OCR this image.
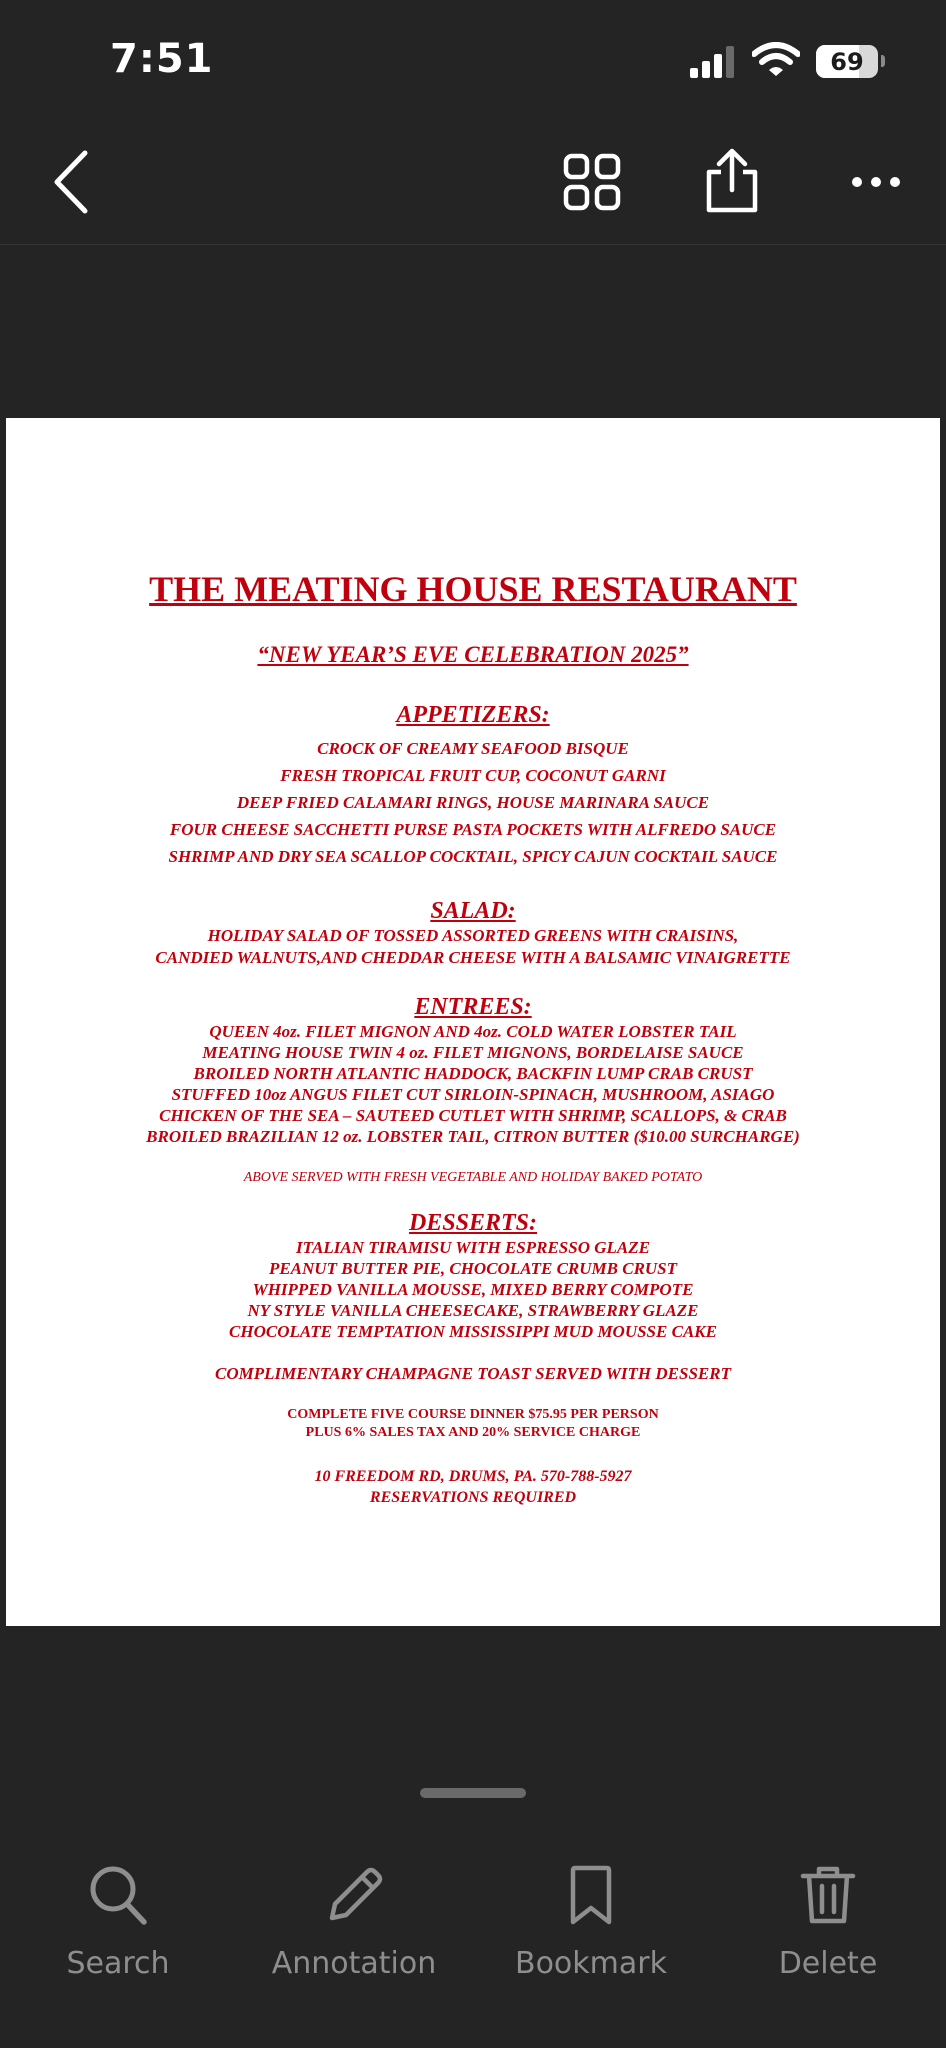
7:51	69
THE MEATING HOUSE RESTAURANT
“NEW YEAR’S EVE CELEBRATION 2025”
APPETIZERS:
CROCK OF CREAMY SEAFOOD BISQUE
FRESH TROPICAL FRUIT CUP, COCONUT GARNI
DEEP FRIED CALAMARI RINGS, HOUSE MARINARA SAUCE
FOUR CHEESE SACCHETTI PURSE PASTA POCKETS WITH ALFREDO SAUCE
SHRIMP AND DRY SEA SCALLOP COCKTAIL, SPICY CAJUN COCKTAIL SAUCE
SALAD:
HOLIDAY SALAD OF TOSSED ASSORTED GREENS WITH CRAISINS,
CANDIED WALNUTS,AND CHEDDAR CHEESE WITH A BALSAMIC VINAIGRETTE
ENTREES:
QUEEN 4oz. FILET MIGNON AND 4oz. COLD WATER LOBSTER TAIL
MEATING HOUSE TWIN 4 oz. FILET MIGNONS, BORDELAISE SAUCE
BROILED NORTH ATLANTIC HADDOCK, BACKFIN LUMP CRAB CRUST
STUFFED 10oz ANGUS FILET CUT SIRLOIN-SPINACH, MUSHROOM, ASIAGO
CHICKEN OF THE SEA – SAUTEED CUTLET WITH SHRIMP, SCALLOPS, & CRAB
BROILED BRAZILIAN 12 oz. LOBSTER TAIL, CITRON BUTTER ($10.00 SURCHARGE)
ABOVE SERVED WITH FRESH VEGETABLE AND HOLIDAY BAKED POTATO
DESSERTS:
ITALIAN TIRAMISU WITH ESPRESSO GLAZE
PEANUT BUTTER PIE, CHOCOLATE CRUMB CRUST
WHIPPED VANILLA MOUSSE, MIXED BERRY COMPOTE
NY STYLE VANILLA CHEESECAKE, STRAWBERRY GLAZE
CHOCOLATE TEMPTATION MISSISSIPPI MUD MOUSSE CAKE
COMPLIMENTARY CHAMPAGNE TOAST SERVED WITH DESSERT
COMPLETE FIVE COURSE DINNER $75.95 PER PERSON
PLUS 6% SALES TAX AND 20% SERVICE CHARGE
10 FREEDOM RD, DRUMS, PA. 570-788-5927
RESERVATIONS REQUIRED
Search	Annotation	Bookmark	Delete
